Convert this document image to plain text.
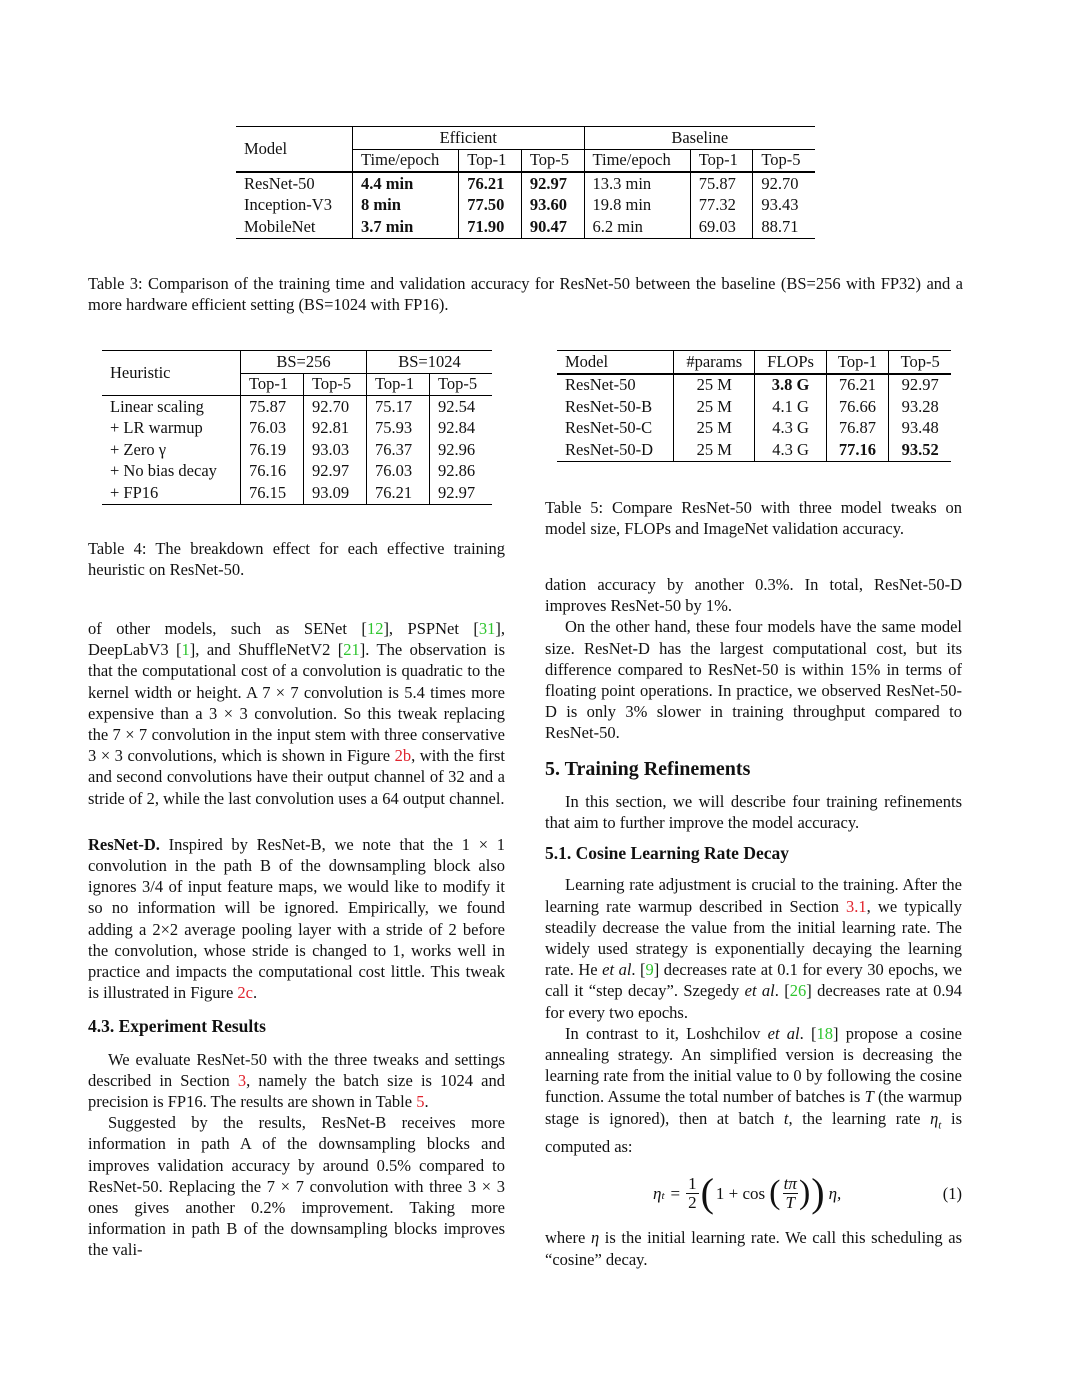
Model	Efficient			Baseline		
	Time/epoch	Top-1	Top-5	Time/epoch	Top-1	Top-5
ResNet-50	4.4 min	76.21	92.97	13.3 min	75.87	92.70
Inception-V3	8 min	77.50	93.60	19.8 min	77.32	93.43
MobileNet	3.7 min	71.90	90.47	6.2 min	69.03	88.71
Table 3: Comparison of the training time and validation accuracy for ResNet-50 between the baseline (BS=256 with FP32) and a more hardware efficient setting (BS=1024 with FP16).
Heuristic	BS=256		BS=1024	
	Top-1	Top-5	Top-1	Top-5
Linear scaling	75.87	92.70	75.17	92.54
+ LR warmup	76.03	92.81	75.93	92.84
+ Zero γ	76.19	93.03	76.37	92.96
+ No bias decay	76.16	92.97	76.03	92.86
+ FP16	76.15	93.09	76.21	92.97
Table 4: The breakdown effect for each effective training heuristic on ResNet-50.
Model	#params	FLOPs	Top-1	Top-5
ResNet-50	25 M	3.8 G	76.21	92.97
ResNet-50-B	25 M	4.1 G	76.66	93.28
ResNet-50-C	25 M	4.3 G	76.87	93.48
ResNet-50-D	25 M	4.3 G	77.16	93.52
Table 5: Compare ResNet-50 with three model tweaks on model size, FLOPs and ImageNet validation accuracy.

of other models, such as SENet [12], PSPNet [31], DeepLabV3 [1], and ShuffleNetV2 [21]. The observation is that the computational cost of a convolution is quadratic to the kernel width or height. A 7 × 7 convolution is 5.4 times more expensive than a 3 × 3 convolution. So this tweak replacing the 7 × 7 convolution in the input stem with three conservative 3 × 3 convolutions, which is shown in Figure 2b, with the first and second convolutions have their output channel of 32 and a stride of 2, while the last convolution uses a 64 output channel.

ResNet-D. Inspired by ResNet-B, we note that the 1 × 1 convolution in the path B of the downsampling block also ignores 3/4 of input feature maps, we would like to modify it so no information will be ignored. Empirically, we found adding a 2×2 average pooling layer with a stride of 2 before the convolution, whose stride is changed to 1, works well in practice and impacts the computational cost little. This tweak is illustrated in Figure 2c.

4.3. Experiment Results

We evaluate ResNet-50 with the three tweaks and settings described in Section 3, namely the batch size is 1024 and precision is FP16. The results are shown in Table 5.

Suggested by the results, ResNet-B receives more information in path A of the downsampling blocks and improves validation accuracy by around 0.5% compared to ResNet-50. Replacing the 7 × 7 convolution with three 3 × 3 ones gives another 0.2% improvement. Taking more information in path B of the downsampling blocks improves the vali-

dation accuracy by another 0.3%. In total, ResNet-50-D improves ResNet-50 by 1%.

On the other hand, these four models have the same model size. ResNet-D has the largest computational cost, but its difference compared to ResNet-50 is within 15% in terms of floating point operations. In practice, we observed ResNet-50-D is only 3% slower in training throughput compared to ResNet-50.

5. Training Refinements

In this section, we will describe four training refinements that aim to further improve the model accuracy.

5.1. Cosine Learning Rate Decay

Learning rate adjustment is crucial to the training. After the learning rate warmup described in Section 3.1, we typically steadily decrease the value from the initial learning rate. The widely used strategy is exponentially decaying the learning rate. He et al. [9] decreases rate at 0.1 for every 30 epochs, we call it “step decay”. Szegedy et al. [26] decreases rate at 0.94 for every two epochs.

In contrast to it, Loshchilov et al. [18] propose a cosine annealing strategy. An simplified version is decreasing the learning rate from the initial value to 0 by following the cosine function. Assume the total number of batches is T (the warmup stage is ignored), then at batch t, the learning rate $\eta_t$ is computed as:

η $_t = \frac{1}{2}$ ( 1 + cos ( tπ
T ) ) η,	(1)

where η is the initial learning rate. We call this scheduling as “cosine” decay.
